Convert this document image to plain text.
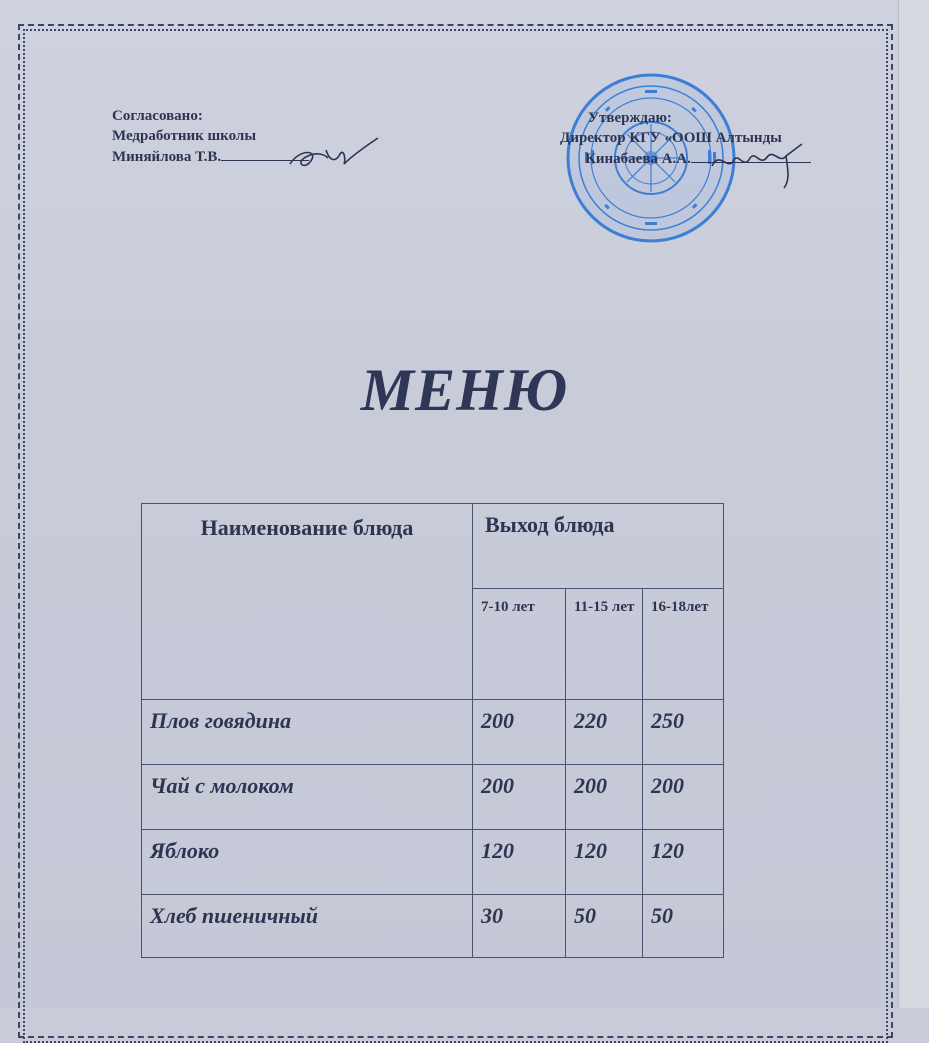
Согласовано:
Медработник школы
Миняйлова Т.В.
Утверждаю:
Директор КГУ «ООШ Алтынды
Кинабаева А.А.
МЕНЮ
Наименование блюда	Выход блюда		
	7-10 лет	11-15 лет	16-18лет
Плов говядина	200	220	250
Чай с молоком	200	200	200
Яблоко	120	120	120
Хлеб пшеничный	30	50	50
